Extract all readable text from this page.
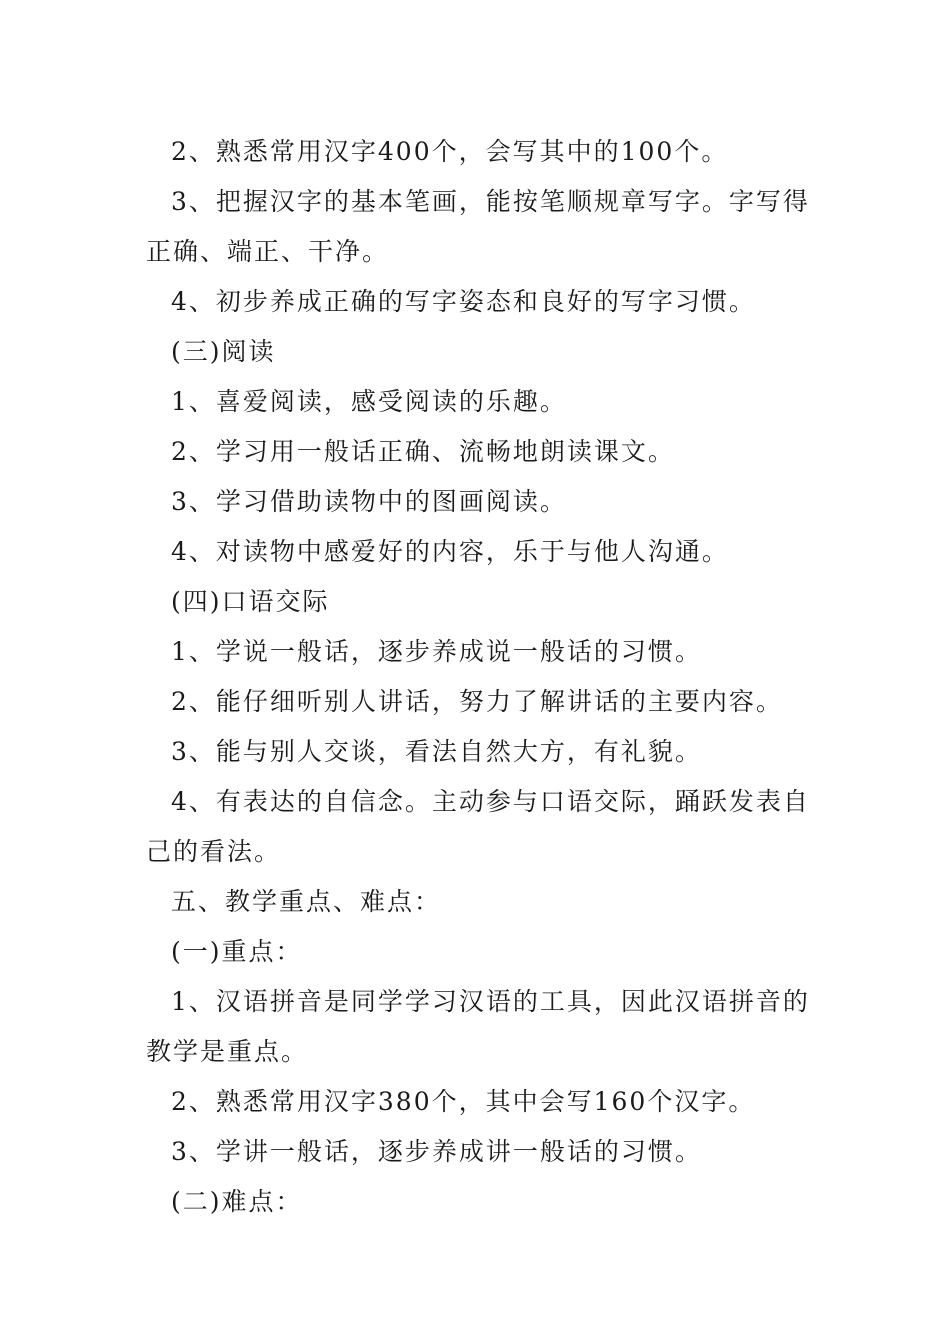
2、熟悉常用汉字400个，会写其中的100个。

3、把握汉字的基本笔画，能按笔顺规章写字。字写得正确、端正、干净。

4、初步养成正确的写字姿态和良好的写字习惯。

(三)阅读

1、喜爱阅读，感受阅读的乐趣。

2、学习用一般话正确、流畅地朗读课文。

3、学习借助读物中的图画阅读。

4、对读物中感爱好的内容，乐于与他人沟通。

(四)口语交际

1、学说一般话，逐步养成说一般话的习惯。

2、能仔细听别人讲话，努力了解讲话的主要内容。

3、能与别人交谈，看法自然大方，有礼貌。

4、有表达的自信念。主动参与口语交际，踊跃发表自己的看法。

五、教学重点、难点：

(一)重点：

1、汉语拼音是同学学习汉语的工具，因此汉语拼音的教学是重点。

2、熟悉常用汉字380个，其中会写160个汉字。

3、学讲一般话，逐步养成讲一般话的习惯。

(二)难点：
